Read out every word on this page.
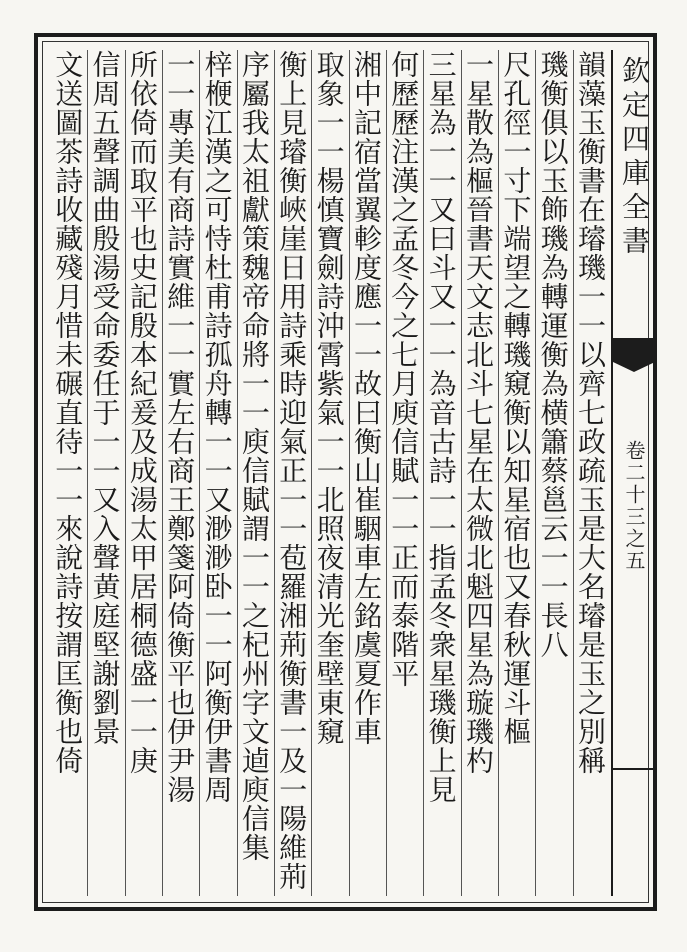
欽定四庫全書
卷二十三之五
韻藻玉衡書在璿璣一一以齊七政疏玉是大名璿是玉之別稱
璣衡俱以玉飾璣為轉運衡為横簫蔡邕云一一長八
尺孔徑一寸下端望之轉璣窺衡以知星宿也又春秋運斗樞
一星散為樞晉書天文志北斗七星在太微北魁四星為璇璣杓
三星為一一又曰斗又一一為音古詩一一指孟冬衆星璣衡上見
何歷歷注漢之孟冬今之七月庾信賦一一正而泰階平
湘中記宿當翼軫度應一一故曰衡山崔駰車左銘虞夏作車
取象一一楊慎寶劍詩沖霄紫氣一一北照夜清光奎壁東窺
衡上見璿衡峽崖日用詩乘時迎氣正一一苞羅湘荊衡書一及一陽維荊
序屬我太祖獻策魏帝命將一一庾信賦謂一一之杞州字文逌庾信集
梓楩江漢之可恃杜甫詩孤舟轉一一又渺渺卧一一阿衡伊書周
一一專美有商詩實維一一實左右商王鄭箋阿倚衡平也伊尹湯
所依倚而取平也史記殷本紀爰及成湯太甲居桐德盛一一庚
信周五聲調曲殷湯受命委任于一一又入聲黄庭堅謝劉景
文送圖茶詩收藏殘月惜未碾直待一一來說詩按謂匡衡也倚
